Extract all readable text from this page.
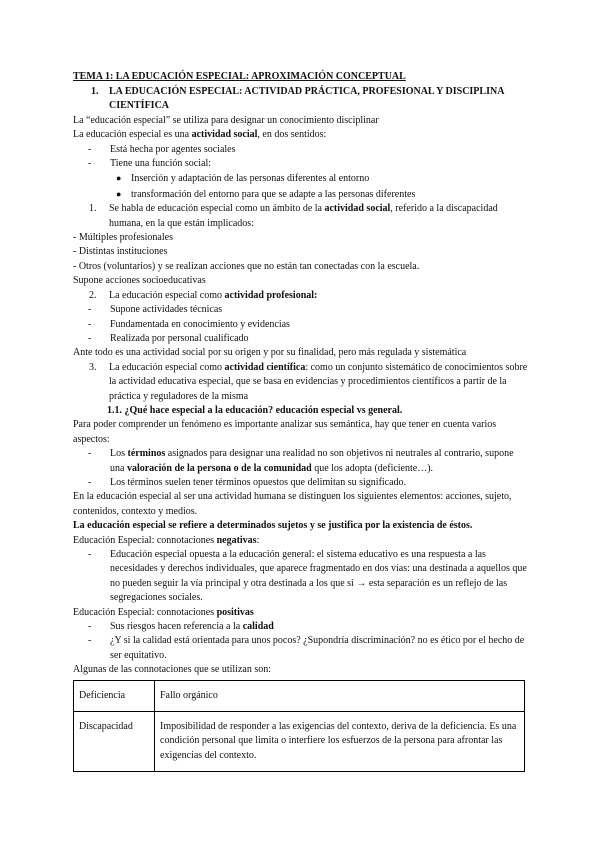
TEMA 1: LA EDUCACIÓN ESPECIAL: APROXIMACIÓN CONCEPTUAL

1. LA EDUCACIÓN ESPECIAL: ACTIVIDAD PRÁCTICA, PROFESIONAL Y DISCIPLINA CIENTÍFICA

La “educación especial” se utiliza para designar un conocimiento disciplinar

La educación especial es una actividad social, en dos sentidos:

- Está hecha por agentes sociales

- Tiene una función social:

● Inserción y adaptación de las personas diferentes al entorno

● transformación del entorno para que se adapte a las personas diferentes

1. Se habla de educación especial como un ámbito de la actividad social, referido a la discapacidad humana, en la que están implicados:

- Múltiples profesionales

- Distintas instituciones

- Otros (voluntarios) y se realizan acciones que no están tan conectadas con la escuela.

Supone acciones socioeducativas

2. La educación especial como actividad profesional:

- Supone actividades técnicas

- Fundamentada en conocimiento y evidencias

- Realizada por personal cualificado

Ante todo es una actividad social por su origen y por su finalidad, pero más regulada y sistemática

3. La educación especial como actividad científica: como un conjunto sistemático de conocimientos sobre la actividad educativa especial, que se basa en evidencias y procedimientos científicos a partir de la práctica y reguladores de la misma

1.1. ¿Qué hace especial a la educación? educación especial vs general.

Para poder comprender un fenómeno es importante analizar sus semántica, hay que tener en cuenta varios aspectos:

- Los términos asignados para designar una realidad no son objetivos ni neutrales al contrario, supone una valoración de la persona o de la comunidad que los adopta (deficiente…).

- Los términos suelen tener términos opuestos que delimitan su significado.

En la educación especial al ser una actividad humana se distinguen los siguientes elementos: acciones, sujeto, contenidos, contexto y medios.

La educación especial se refiere a determinados sujetos y se justifica por la existencia de éstos.

Educación Especial: connotaciones negativas:

- Educación especial opuesta a la educación general: el sistema educativo es una respuesta a las necesidades y derechos individuales, que aparece fragmentado en dos vías: una destinada a aquellos que no pueden seguir la vía principal y otra destinada a los que sí → esta separación es un reflejo de las segregaciones sociales.

Educación Especial: connotaciones positivas

- Sus riesgos hacen referencia a la calidad

- ¿Y si la calidad está orientada para unos pocos? ¿Supondría discriminación? no es ético por el hecho de ser equitativo.

Algunas de las connotaciones que se utilizan son:

Deficiencia	Fallo orgánico
Discapacidad	Imposibilidad de responder a las exigencias del contexto, deriva de la deficiencia. Es una condición personal que limita o interfiere los esfuerzos de la persona para afrontar las exigencias del contexto.
